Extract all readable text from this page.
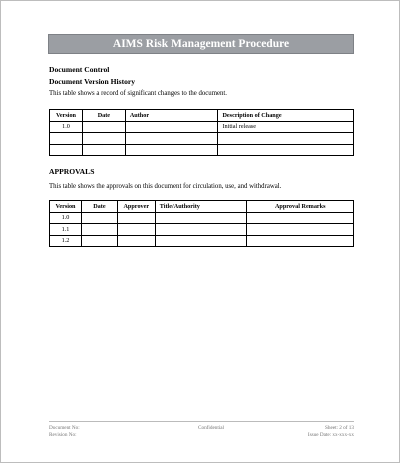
AIMS Risk Management Procedure
Document Control
Document Version History
This table shows a record of significant changes to the document.
Version	Date	Author	Description of Change
1.0			Initial release

APPROVALS
This table shows the approvals on this document for circulation, use, and withdrawal.
Version	Date	Approver	Title/Authority	Approval Remarks
1.0				
1.1				
1.2				
Document No:
Revision No:
Confidential	Sheet: 2 of 13
Issue Date: xx-xxx-xx
